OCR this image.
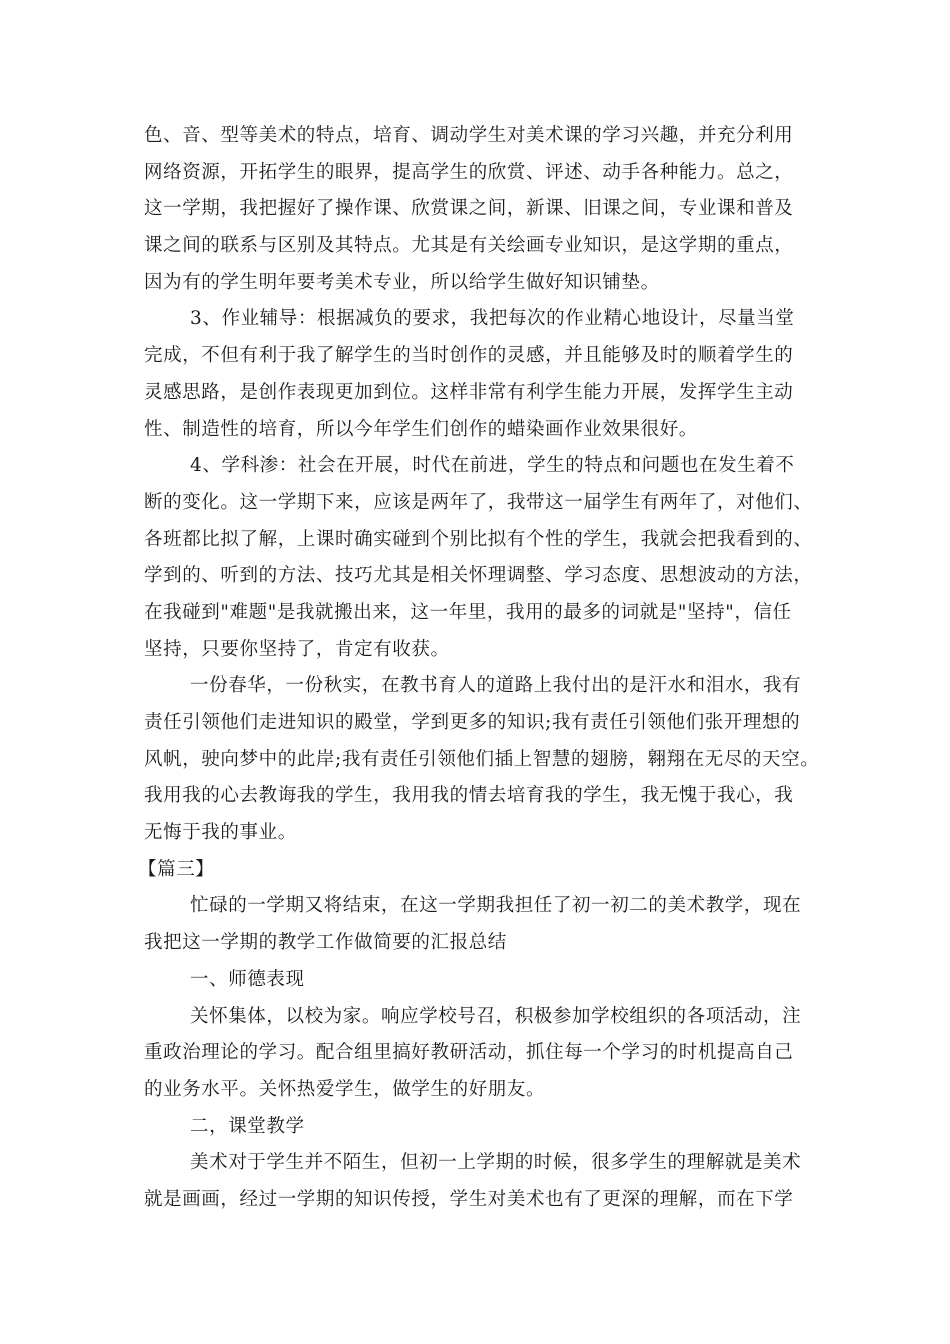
色、音、型等美术的特点，培育、调动学生对美术课的学习兴趣，并充分利用
网络资源，开拓学生的眼界，提高学生的欣赏、评述、动手各种能力。总之，
这一学期，我把握好了操作课、欣赏课之间，新课、旧课之间，专业课和普及
课之间的联系与区别及其特点。尤其是有关绘画专业知识，是这学期的重点，
因为有的学生明年要考美术专业，所以给学生做好知识铺垫。
3、作业辅导：根据减负的要求，我把每次的作业精心地设计，尽量当堂
完成，不但有利于我了解学生的当时创作的灵感，并且能够及时的顺着学生的
灵感思路，是创作表现更加到位。这样非常有利学生能力开展，发挥学生主动
性、制造性的培育，所以今年学生们创作的蜡染画作业效果很好。
4、学科渗：社会在开展，时代在前进，学生的特点和问题也在发生着不
断的变化。这一学期下来，应该是两年了，我带这一届学生有两年了，对他们、
各班都比拟了解，上课时确实碰到个别比拟有个性的学生，我就会把我看到的、
学到的、听到的方法、技巧尤其是相关怀理调整、学习态度、思想波动的方法，
在我碰到"难题"是我就搬出来，这一年里，我用的最多的词就是"坚持"，信任
坚持，只要你坚持了，肯定有收获。
一份春华，一份秋实，在教书育人的道路上我付出的是汗水和泪水，我有
责任引领他们走进知识的殿堂，学到更多的知识;我有责任引领他们张开理想的
风帆，驶向梦中的此岸;我有责任引领他们插上智慧的翅膀，翱翔在无尽的天空。
我用我的心去教诲我的学生，我用我的情去培育我的学生，我无愧于我心，我
无悔于我的事业。
【篇三】
忙碌的一学期又将结束，在这一学期我担任了初一初二的美术教学，现在
我把这一学期的教学工作做简要的汇报总结
一、师德表现
关怀集体，以校为家。响应学校号召，积极参加学校组织的各项活动，注
重政治理论的学习。配合组里搞好教研活动，抓住每一个学习的时机提高自己
的业务水平。关怀热爱学生，做学生的好朋友。
二，课堂教学
美术对于学生并不陌生，但初一上学期的时候，很多学生的理解就是美术
就是画画，经过一学期的知识传授，学生对美术也有了更深的理解，而在下学
